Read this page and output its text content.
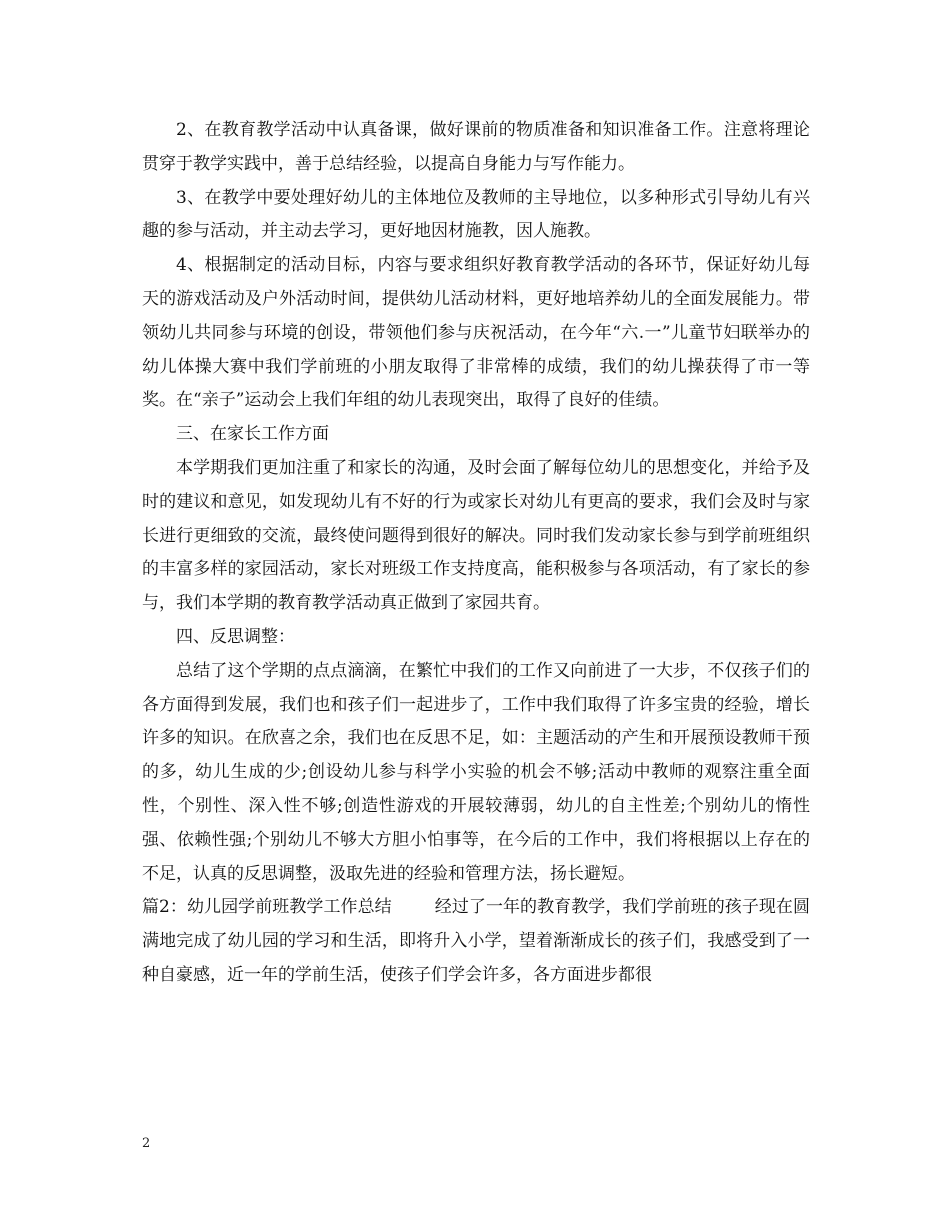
2、在教育教学活动中认真备课，做好课前的物质准备和知识准备工作。注意将理论贯穿于教学实践中，善于总结经验，以提高自身能力与写作能力。

3、在教学中要处理好幼儿的主体地位及教师的主导地位，以多种形式引导幼儿有兴趣的参与活动，并主动去学习，更好地因材施教，因人施教。

4、根据制定的活动目标，内容与要求组织好教育教学活动的各环节，保证好幼儿每天的游戏活动及户外活动时间，提供幼儿活动材料，更好地培养幼儿的全面发展能力。带领幼儿共同参与环境的创设，带领他们参与庆祝活动，在今年“六.一”儿童节妇联举办的幼儿体操大赛中我们学前班的小朋友取得了非常棒的成绩，我们的幼儿操获得了市一等奖。在“亲子”运动会上我们年组的幼儿表现突出，取得了良好的佳绩。

三、在家长工作方面

本学期我们更加注重了和家长的沟通，及时会面了解每位幼儿的思想变化，并给予及时的建议和意见，如发现幼儿有不好的行为或家长对幼儿有更高的要求，我们会及时与家长进行更细致的交流，最终使问题得到很好的解决。同时我们发动家长参与到学前班组织的丰富多样的家园活动，家长对班级工作支持度高，能积极参与各项活动，有了家长的参与，我们本学期的教育教学活动真正做到了家园共育。

四、反思调整：

总结了这个学期的点点滴滴，在繁忙中我们的工作又向前进了一大步，不仅孩子们的各方面得到发展，我们也和孩子们一起进步了，工作中我们取得了许多宝贵的经验，增长许多的知识。在欣喜之余，我们也在反思不足，如：主题活动的产生和开展预设教师干预的多，幼儿生成的少;创设幼儿参与科学小实验的机会不够;活动中教师的观察注重全面性，个别性、深入性不够;创造性游戏的开展较薄弱，幼儿的自主性差;个别幼儿的惰性强、依赖性强;个别幼儿不够大方胆小怕事等，在今后的工作中，我们将根据以上存在的不足，认真的反思调整，汲取先进的经验和管理方法，扬长避短。

篇2：幼儿园学前班教学工作总结	经过了一年的教育教学，我们学前班的孩子现在圆满地完成了幼儿园的学习和生活，即将升入小学，望着渐渐成长的孩子们，我感受到了一种自豪感，近一年的学前生活，使孩子们学会许多，各方面进步都很

2
